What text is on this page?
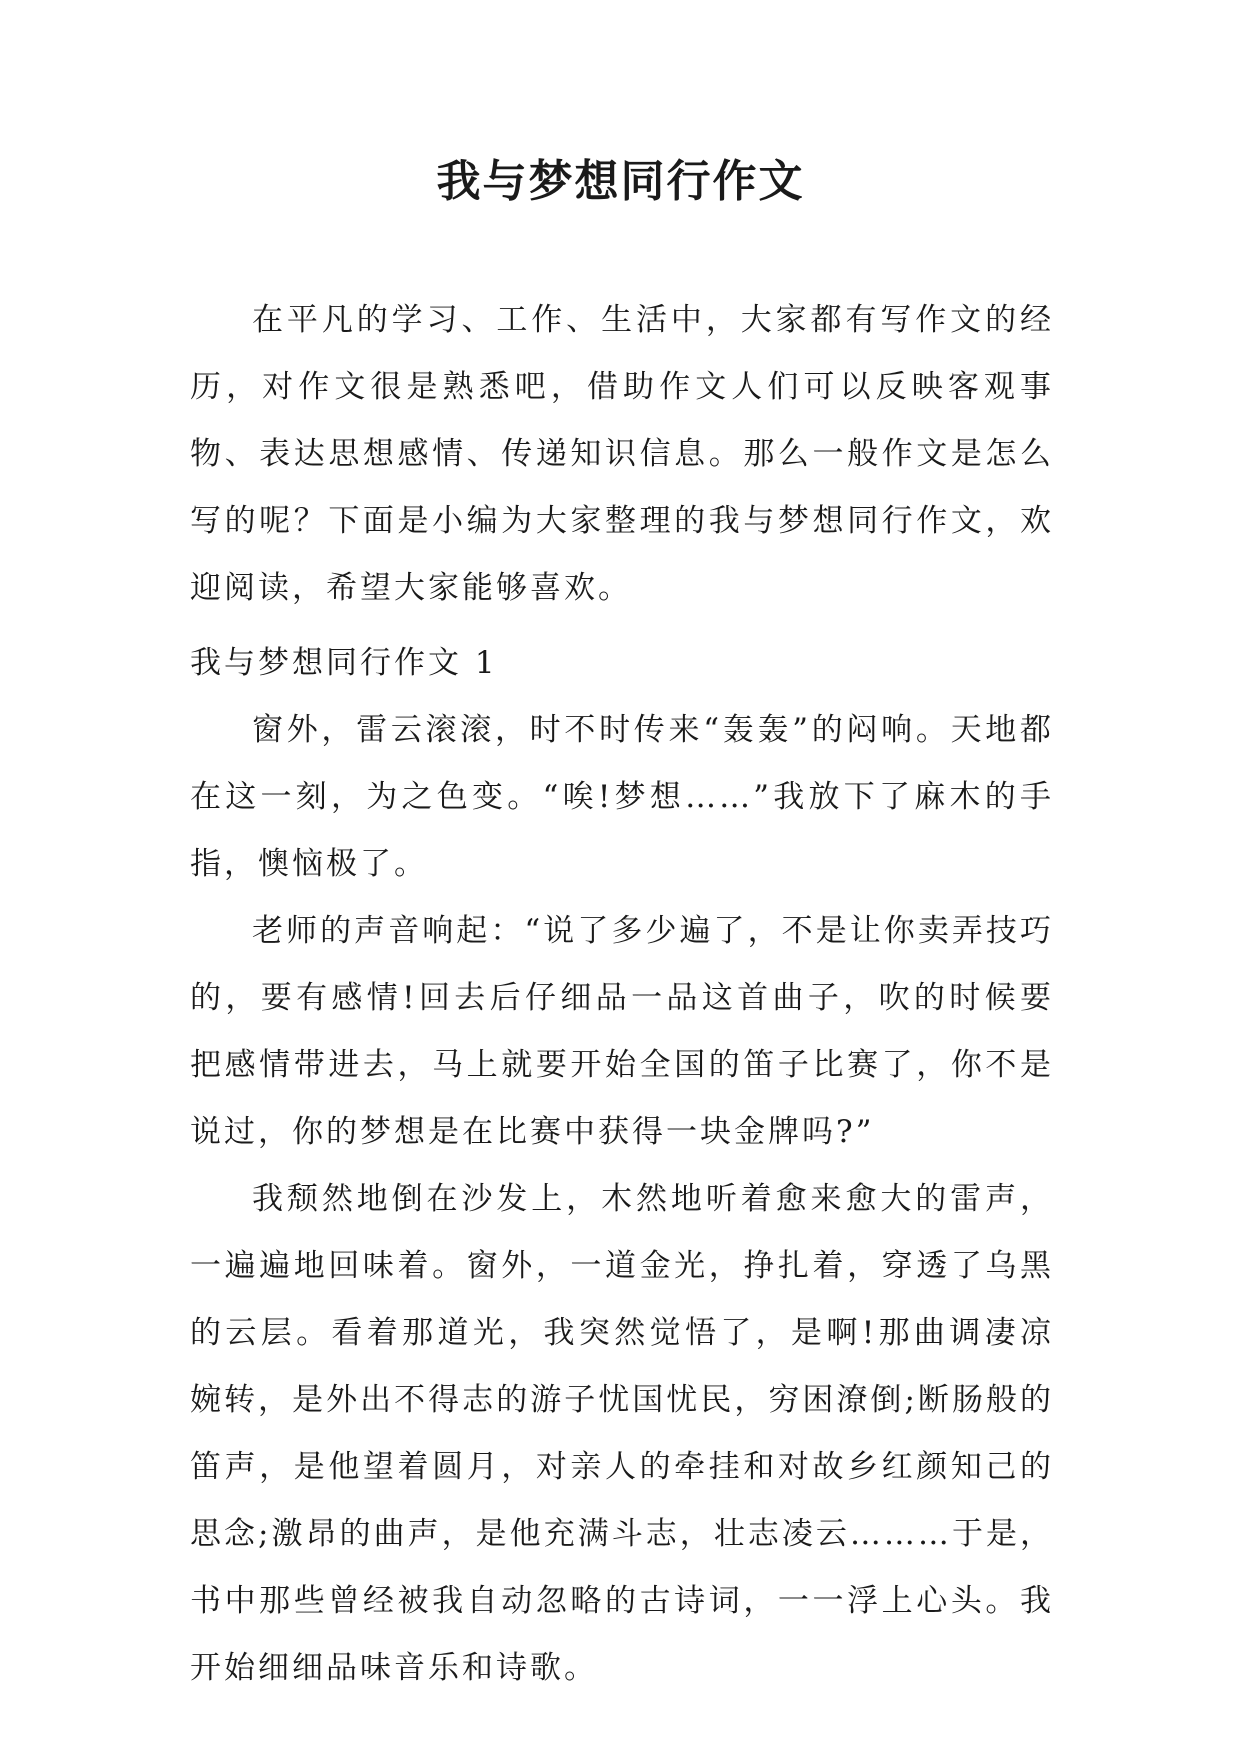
我与梦想同行作文

在平凡的学习、工作、生活中，大家都有写作文的经历，对作文很是熟悉吧，借助作文人们可以反映客观事物、表达思想感情、传递知识信息。那么一般作文是怎么写的呢？下面是小编为大家整理的我与梦想同行作文，欢迎阅读，希望大家能够喜欢。

我与梦想同行作文 1

窗外，雷云滚滚，时不时传来“轰轰”的闷响。天地都在这一刻，为之色变。“唉!梦想……”我放下了麻木的手指，懊恼极了。

老师的声音响起：“说了多少遍了，不是让你卖弄技巧的，要有感情!回去后仔细品一品这首曲子，吹的时候要把感情带进去，马上就要开始全国的笛子比赛了，你不是说过，你的梦想是在比赛中获得一块金牌吗?”

我颓然地倒在沙发上，木然地听着愈来愈大的雷声，一遍遍地回味着。窗外，一道金光，挣扎着，穿透了乌黑的云层。看着那道光，我突然觉悟了，是啊!那曲调凄凉婉转，是外出不得志的游子忧国忧民，穷困潦倒;断肠般的笛声，是他望着圆月，对亲人的牵挂和对故乡红颜知己的思念;激昂的曲声，是他充满斗志，壮志凌云………于是，书中那些曾经被我自动忽略的古诗词，一一浮上心头。我开始细细品味音乐和诗歌。
